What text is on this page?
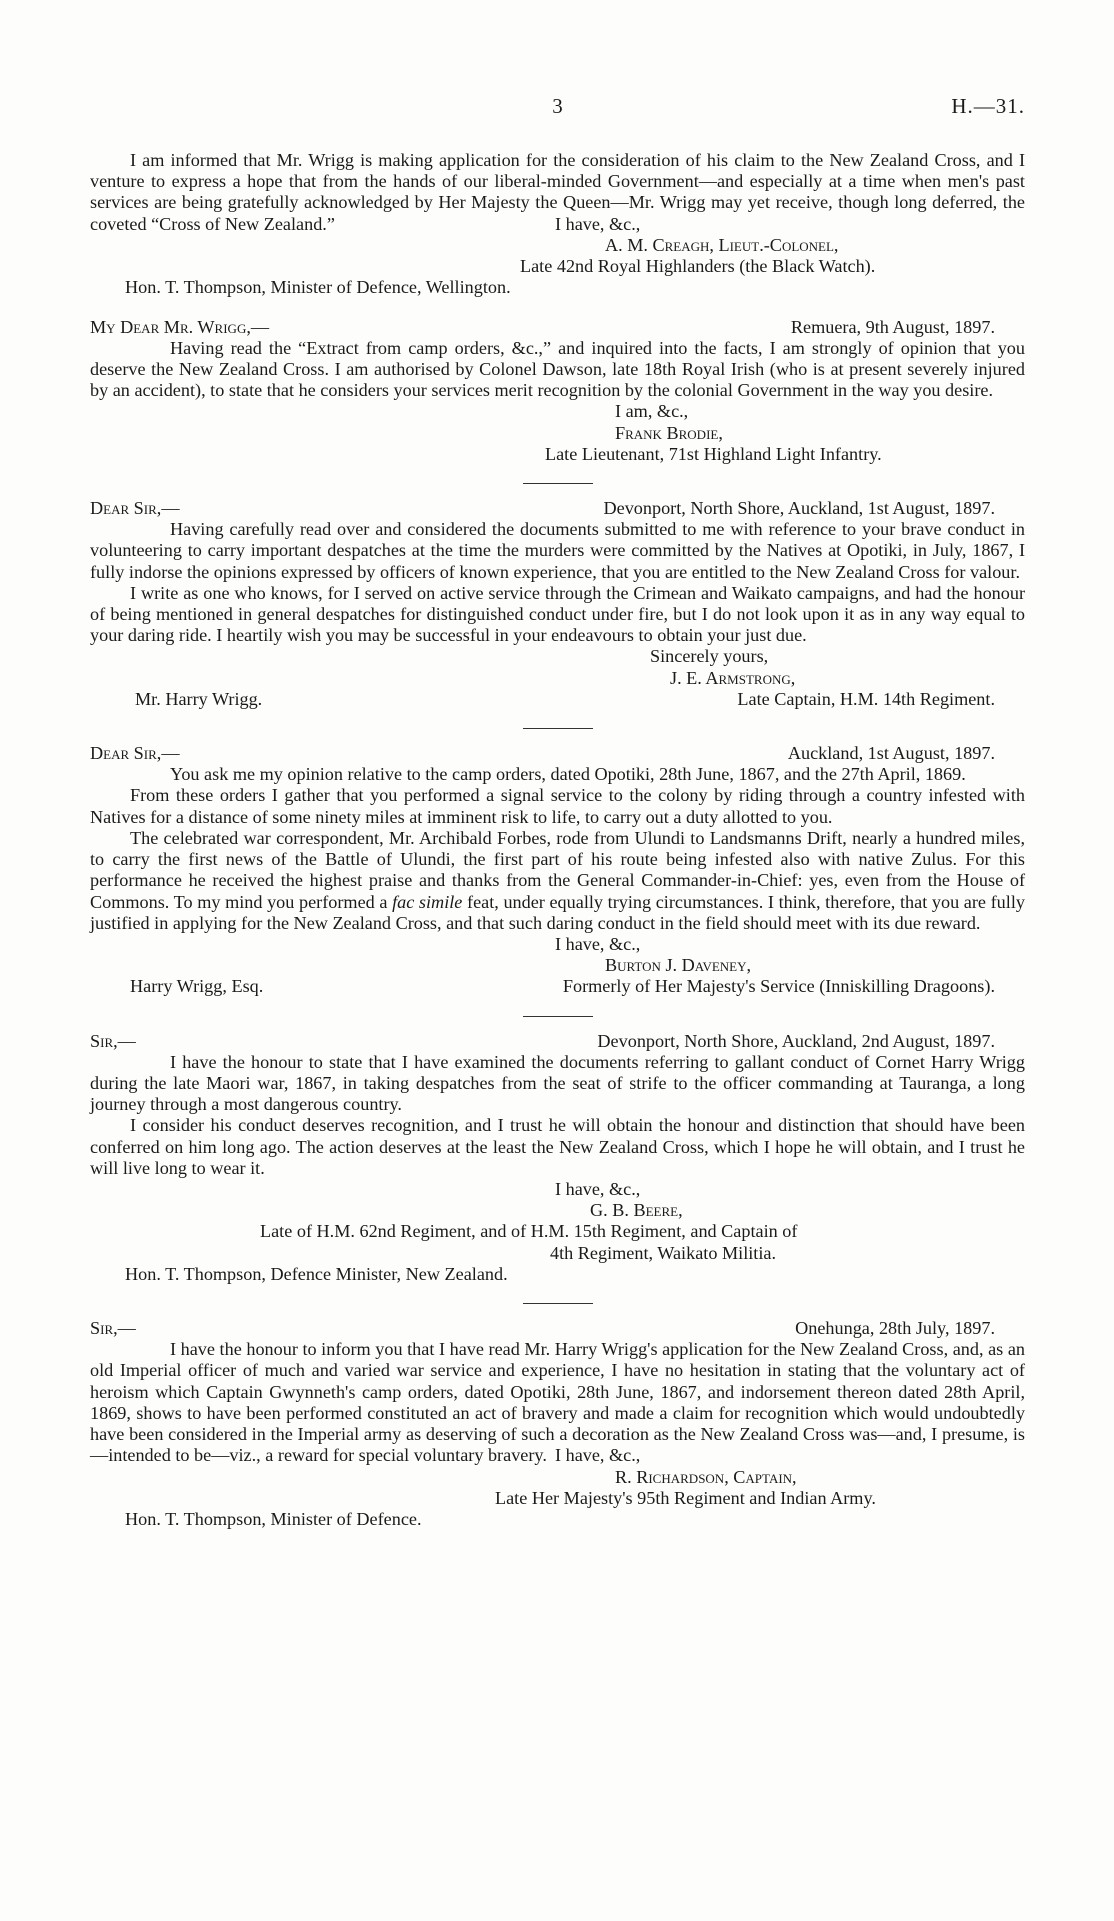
3	H.—31.

I am informed that Mr. Wrigg is making application for the consideration of his claim to the New Zealand Cross, and I venture to express a hope that from the hands of our liberal-minded Government—and especially at a time when men's past services are being gratefully acknowledged by Her Majesty the Queen—Mr. Wrigg may yet receive, though long deferred, the coveted “Cross of New Zealand.”	I have, &c.,

A. M. Creagh, Lieut.-Colonel,

Late 42nd Royal Highlanders (the Black Watch).

Hon. T. Thompson, Minister of Defence, Wellington.

My Dear Mr. Wrigg,—	Remuera, 9th August, 1897.

Having read the “Extract from camp orders, &c.,” and inquired into the facts, I am strongly of opinion that you deserve the New Zealand Cross. I am authorised by Colonel Dawson, late 18th Royal Irish (who is at present severely injured by an accident), to state that he considers your services merit recognition by the colonial Government in the way you desire.

I am, &c.,

Frank Brodie,

Late Lieutenant, 71st Highland Light Infantry.

Dear Sir,—	Devonport, North Shore, Auckland, 1st August, 1897.

Having carefully read over and considered the documents submitted to me with reference to your brave conduct in volunteering to carry important despatches at the time the murders were committed by the Natives at Opotiki, in July, 1867, I fully indorse the opinions expressed by officers of known experience, that you are entitled to the New Zealand Cross for valour.

I write as one who knows, for I served on active service through the Crimean and Waikato campaigns, and had the honour of being mentioned in general despatches for distinguished conduct under fire, but I do not look upon it as in any way equal to your daring ride. I heartily wish you may be successful in your endeavours to obtain your just due.

Sincerely yours,

J. E. Armstrong,

Mr. Harry Wrigg.	Late Captain, H.M. 14th Regiment.
Dear Sir,—	Auckland, 1st August, 1897.

You ask me my opinion relative to the camp orders, dated Opotiki, 28th June, 1867, and the 27th April, 1869.

From these orders I gather that you performed a signal service to the colony by riding through a country infested with Natives for a distance of some ninety miles at imminent risk to life, to carry out a duty allotted to you.

The celebrated war correspondent, Mr. Archibald Forbes, rode from Ulundi to Landsmanns Drift, nearly a hundred miles, to carry the first news of the Battle of Ulundi, the first part of his route being infested also with native Zulus. For this performance he received the highest praise and thanks from the General Commander-in-Chief: yes, even from the House of Commons. To my mind you performed a fac simile feat, under equally trying circumstances. I think, therefore, that you are fully justified in applying for the New Zealand Cross, and that such daring conduct in the field should meet with its due reward.

I have, &c.,

Burton J. Daveney,

Harry Wrigg, Esq.	Formerly of Her Majesty's Service (Inniskilling Dragoons).
Sir,—	Devonport, North Shore, Auckland, 2nd August, 1897.

I have the honour to state that I have examined the documents referring to gallant conduct of Cornet Harry Wrigg during the late Maori war, 1867, in taking despatches from the seat of strife to the officer commanding at Tauranga, a long journey through a most dangerous country.

I consider his conduct deserves recognition, and I trust he will obtain the honour and distinction that should have been conferred on him long ago. The action deserves at the least the New Zealand Cross, which I hope he will obtain, and I trust he will live long to wear it.

I have, &c.,

G. B. Beere,

Late of H.M. 62nd Regiment, and of H.M. 15th Regiment, and Captain of

4th Regiment, Waikato Militia.

Hon. T. Thompson, Defence Minister, New Zealand.

Sir,—	Onehunga, 28th July, 1897.

I have the honour to inform you that I have read Mr. Harry Wrigg's application for the New Zealand Cross, and, as an old Imperial officer of much and varied war service and experience, I have no hesitation in stating that the voluntary act of heroism which Captain Gwynneth's camp orders, dated Opotiki, 28th June, 1867, and indorsement thereon dated 28th April, 1869, shows to have been performed constituted an act of bravery and made a claim for recognition which would undoubtedly have been considered in the Imperial army as deserving of such a decoration as the New Zealand Cross was—and, I presume, is—intended to be—viz., a reward for special voluntary bravery. I have, &c.,

R. Richardson, Captain,

Late Her Majesty's 95th Regiment and Indian Army.

Hon. T. Thompson, Minister of Defence.
